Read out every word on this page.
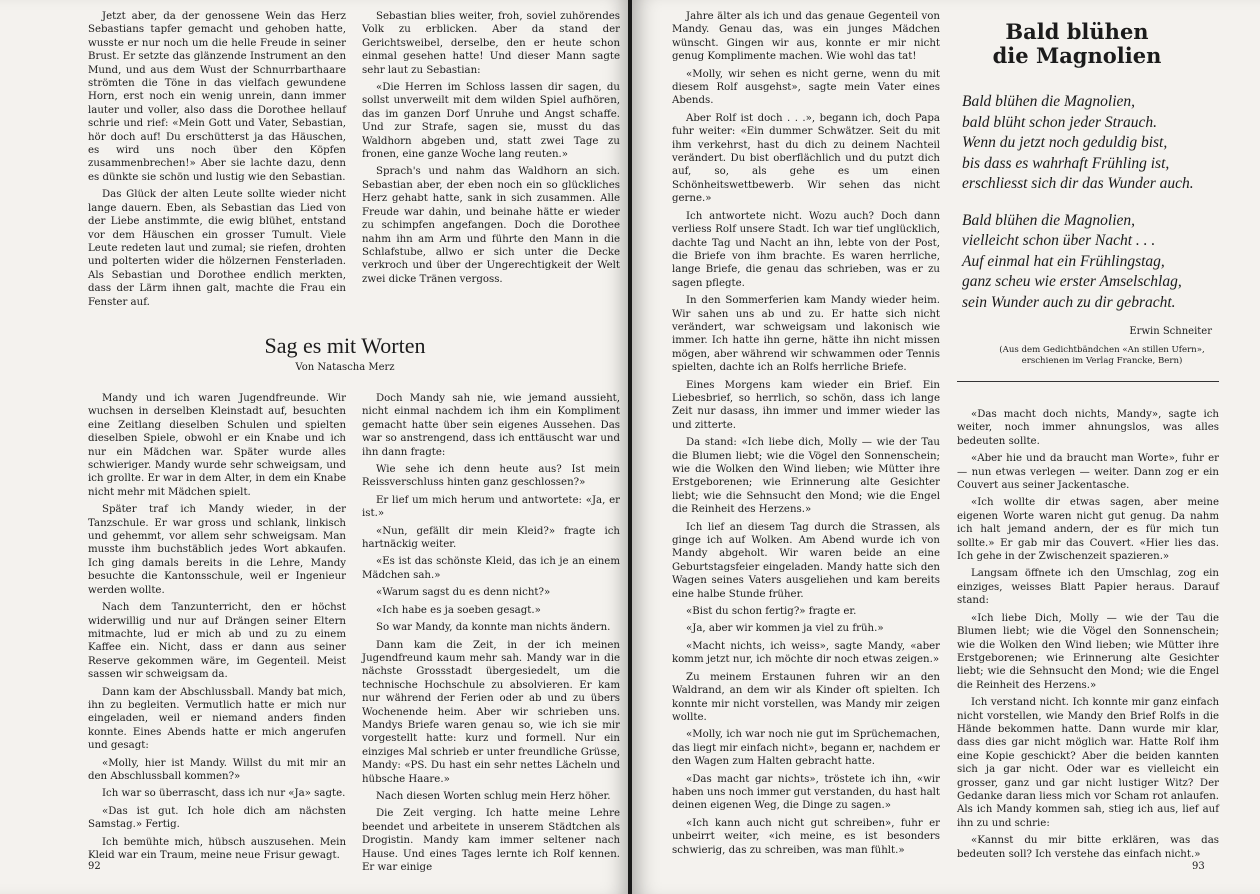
Jetzt aber, da der genossene Wein das Herz Sebastians tapfer gemacht und gehoben hatte, wusste er nur noch um die helle Freude in seiner Brust. Er setzte das glänzende Instrument an den Mund, und aus dem Wust der Schnurrbarthaare strömten die Töne in das vielfach gewundene Horn, erst noch ein wenig unrein, dann immer lauter und voller, also dass die Dorothee hellauf schrie und rief: «Mein Gott und Vater, Sebastian, hör doch auf! Du erschütterst ja das Häuschen, es wird uns noch über den Köpfen zusammenbrechen!» Aber sie lachte dazu, denn es dünkte sie schön und lustig wie den Sebastian.

Das Glück der alten Leute sollte wieder nicht lange dauern. Eben, als Sebastian das Lied von der Liebe anstimmte, die ewig blühet, entstand vor dem Häuschen ein grosser Tumult. Viele Leute redeten laut und zumal; sie riefen, drohten und polterten wider die hölzernen Fensterladen. Als Sebastian und Dorothee endlich merkten, dass der Lärm ihnen galt, machte die Frau ein Fenster auf.

Sebastian blies weiter, froh, soviel zuhörendes Volk zu erblicken. Aber da stand der Gerichtsweibel, derselbe, den er heute schon einmal gesehen hatte! Und dieser Mann sagte sehr laut zu Sebastian:

«Die Herren im Schloss lassen dir sagen, du sollst unverweilt mit dem wilden Spiel aufhören, das im ganzen Dorf Unruhe und Angst schaffe. Und zur Strafe, sagen sie, musst du das Waldhorn abgeben und, statt zwei Tage zu fronen, eine ganze Woche lang reuten.»

Sprach's und nahm das Waldhorn an sich. Sebastian aber, der eben noch ein so glückliches Herz gehabt hatte, sank in sich zusammen. Alle Freude war dahin, und beinahe hätte er wieder zu schimpfen angefangen. Doch die Dorothee nahm ihn am Arm und führte den Mann in die Schlafstube, allwo er sich unter die Decke verkroch und über der Ungerechtigkeit der Welt zwei dicke Tränen vergoss.

Sag es mit Worten
Von Natascha Merz

Mandy und ich waren Jugendfreunde. Wir wuchsen in derselben Kleinstadt auf, besuchten eine Zeitlang dieselben Schulen und spielten dieselben Spiele, obwohl er ein Knabe und ich nur ein Mädchen war. Später wurde alles schwieriger. Mandy wurde sehr schweigsam, und ich grollte. Er war in dem Alter, in dem ein Knabe nicht mehr mit Mädchen spielt.

Später traf ich Mandy wieder, in der Tanzschule. Er war gross und schlank, linkisch und gehemmt, vor allem sehr schweigsam. Man musste ihm buchstäblich jedes Wort abkaufen. Ich ging damals bereits in die Lehre, Mandy besuchte die Kantonsschule, weil er Ingenieur werden wollte.

Nach dem Tanzunterricht, den er höchst widerwillig und nur auf Drängen seiner Eltern mitmachte, lud er mich ab und zu zu einem Kaffee ein. Nicht, dass er dann aus seiner Reserve gekommen wäre, im Gegenteil. Meist sassen wir schweigsam da.

Dann kam der Abschlussball. Mandy bat mich, ihn zu begleiten. Vermutlich hatte er mich nur eingeladen, weil er niemand anders finden konnte. Eines Abends hatte er mich angerufen und gesagt:

«Molly, hier ist Mandy. Willst du mit mir an den Abschlussball kommen?»

Ich war so überrascht, dass ich nur «Ja» sagte.

«Das ist gut. Ich hole dich am nächsten Samstag.» Fertig.

Ich bemühte mich, hübsch auszusehen. Mein Kleid war ein Traum, meine neue Frisur gewagt.

Doch Mandy sah nie, wie jemand aussieht, nicht einmal nachdem ich ihm ein Kompliment gemacht hatte über sein eigenes Aussehen. Das war so anstrengend, dass ich enttäuscht war und ihn dann fragte:

Wie sehe ich denn heute aus? Ist mein Reissverschluss hinten ganz geschlossen?»

Er lief um mich herum und antwortete: «Ja, er ist.»

«Nun, gefällt dir mein Kleid?» fragte ich hartnäckig weiter.

«Es ist das schönste Kleid, das ich je an einem Mädchen sah.»

«Warum sagst du es denn nicht?»

«Ich habe es ja soeben gesagt.»

So war Mandy, da konnte man nichts ändern.

Dann kam die Zeit, in der ich meinen Jugendfreund kaum mehr sah. Mandy war in die nächste Grossstadt übergesiedelt, um die technische Hochschule zu absolvieren. Er kam nur während der Ferien oder ab und zu übers Wochenende heim. Aber wir schrieben uns. Mandys Briefe waren genau so, wie ich sie mir vorgestellt hatte: kurz und formell. Nur ein einziges Mal schrieb er unter freundliche Grüsse, Mandy: «PS. Du hast ein sehr nettes Lächeln und hübsche Haare.»

Nach diesen Worten schlug mein Herz höher.

Die Zeit verging. Ich hatte meine Lehre beendet und arbeitete in unserem Städtchen als Drogistin. Mandy kam immer seltener nach Hause. Und eines Tages lernte ich Rolf kennen. Er war einige

92

Jahre älter als ich und das genaue Gegenteil von Mandy. Genau das, was ein junges Mädchen wünscht. Gingen wir aus, konnte er mir nicht genug Komplimente machen. Wie wohl das tat!

«Molly, wir sehen es nicht gerne, wenn du mit diesem Rolf ausgehst», sagte mein Vater eines Abends.

Aber Rolf ist doch . . .», begann ich, doch Papa fuhr weiter: «Ein dummer Schwätzer. Seit du mit ihm verkehrst, hast du dich zu deinem Nachteil verändert. Du bist oberflächlich und du putzt dich auf, so, als gehe es um einen Schönheitswettbewerb. Wir sehen das nicht gerne.»

Ich antwortete nicht. Wozu auch? Doch dann verliess Rolf unsere Stadt. Ich war tief unglücklich, dachte Tag und Nacht an ihn, lebte von der Post, die Briefe von ihm brachte. Es waren herrliche, lange Briefe, die genau das schrieben, was er zu sagen pflegte.

In den Sommerferien kam Mandy wieder heim. Wir sahen uns ab und zu. Er hatte sich nicht verändert, war schweigsam und lakonisch wie immer. Ich hatte ihn gerne, hätte ihn nicht missen mögen, aber während wir schwammen oder Tennis spielten, dachte ich an Rolfs herrliche Briefe.

Eines Morgens kam wieder ein Brief. Ein Liebesbrief, so herrlich, so schön, dass ich lange Zeit nur dasass, ihn immer und immer wieder las und zitterte.

Da stand: «Ich liebe dich, Molly — wie der Tau die Blumen liebt; wie die Vögel den Sonnenschein; wie die Wolken den Wind lieben; wie Mütter ihre Erstgeborenen; wie Erinnerung alte Gesichter liebt; wie die Sehnsucht den Mond; wie die Engel die Reinheit des Herzens.»

Ich lief an diesem Tag durch die Strassen, als ginge ich auf Wolken. Am Abend wurde ich von Mandy abgeholt. Wir waren beide an eine Geburtstagsfeier eingeladen. Mandy hatte sich den Wagen seines Vaters ausgeliehen und kam bereits eine halbe Stunde früher.

«Bist du schon fertig?» fragte er.

«Ja, aber wir kommen ja viel zu früh.»

«Macht nichts, ich weiss», sagte Mandy, «aber komm jetzt nur, ich möchte dir noch etwas zeigen.»

Zu meinem Erstaunen fuhren wir an den Waldrand, an dem wir als Kinder oft spielten. Ich konnte mir nicht vorstellen, was Mandy mir zeigen wollte.

«Molly, ich war noch nie gut im Sprüchemachen, das liegt mir einfach nicht», begann er, nachdem er den Wagen zum Halten gebracht hatte.

«Das macht gar nichts», tröstete ich ihn, «wir haben uns noch immer gut verstanden, du hast halt deinen eigenen Weg, die Dinge zu sagen.»

«Ich kann auch nicht gut schreiben», fuhr er unbeirrt weiter, «ich meine, es ist besonders schwierig, das zu schreiben, was man fühlt.»

Bald blühen
die Magnolien
Bald blühen die Magnolien,
bald blüht schon jeder Strauch.
Wenn du jetzt noch geduldig bist,
bis dass es wahrhaft Frühling ist,
erschliesst sich dir das Wunder auch.
Bald blühen die Magnolien,
vielleicht schon über Nacht . . .
Auf einmal hat ein Frühlingstag,
ganz scheu wie erster Amselschlag,
sein Wunder auch zu dir gebracht.
Erwin Schneiter
(Aus dem Gedichtbändchen «An stillen Ufern», erschienen im Verlag Francke, Bern)

«Das macht doch nichts, Mandy», sagte ich weiter, noch immer ahnungslos, was alles bedeuten sollte.

«Aber hie und da braucht man Worte», fuhr er — nun etwas verlegen — weiter. Dann zog er ein Couvert aus seiner Jackentasche.

«Ich wollte dir etwas sagen, aber meine eigenen Worte waren nicht gut genug. Da nahm ich halt jemand andern, der es für mich tun sollte.» Er gab mir das Couvert. «Hier lies das. Ich gehe in der Zwischenzeit spazieren.»

Langsam öffnete ich den Umschlag, zog ein einziges, weisses Blatt Papier heraus. Darauf stand:

«Ich liebe Dich, Molly — wie der Tau die Blumen liebt; wie die Vögel den Sonnenschein; wie die Wolken den Wind lieben; wie Mütter ihre Erstgeborenen; wie Erinnerung alte Gesichter liebt; wie die Sehnsucht den Mond; wie die Engel die Reinheit des Herzens.»

Ich verstand nicht. Ich konnte mir ganz einfach nicht vorstellen, wie Mandy den Brief Rolfs in die Hände bekommen hatte. Dann wurde mir klar, dass dies gar nicht möglich war. Hatte Rolf ihm eine Kopie geschickt? Aber die beiden kannten sich ja gar nicht. Oder war es vielleicht ein grosser, ganz und gar nicht lustiger Witz? Der Gedanke daran liess mich vor Scham rot anlaufen. Als ich Mandy kommen sah, stieg ich aus, lief auf ihn zu und schrie:

«Kannst du mir bitte erklären, was das bedeuten soll? Ich verstehe das einfach nicht.»

93
